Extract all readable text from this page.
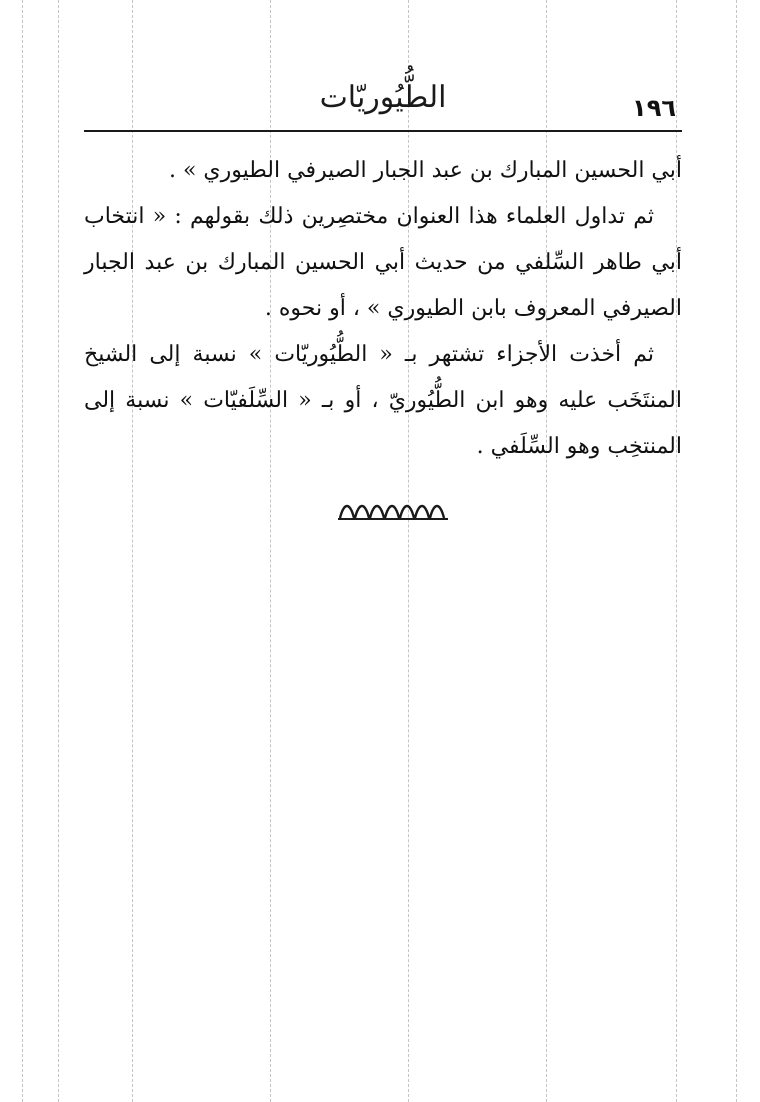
الطُّيُوريّات	١٩٦

أبي الحسين المبارك بن عبد الجبار الصيرفي الطيوري » .

ثم تداول العلماء هذا العنوان مختصِرين ذلك بقولهم : « انتخاب أبي طاهر السِّلفي من حديث أبي الحسين المبارك بن عبد الجبار الصيرفي المعروف بابن الطيوري » ، أو نحوه .

ثم أخذت الأجزاء تشتهر بـ « الطُّيُوريّات » نسبة إلى الشيخ المنتَخَب عليه وهو ابن الطُّيُوريّ ، أو بـ « السِّلَفيّات » نسبة إلى المنتخِب وهو السِّلَفي .
